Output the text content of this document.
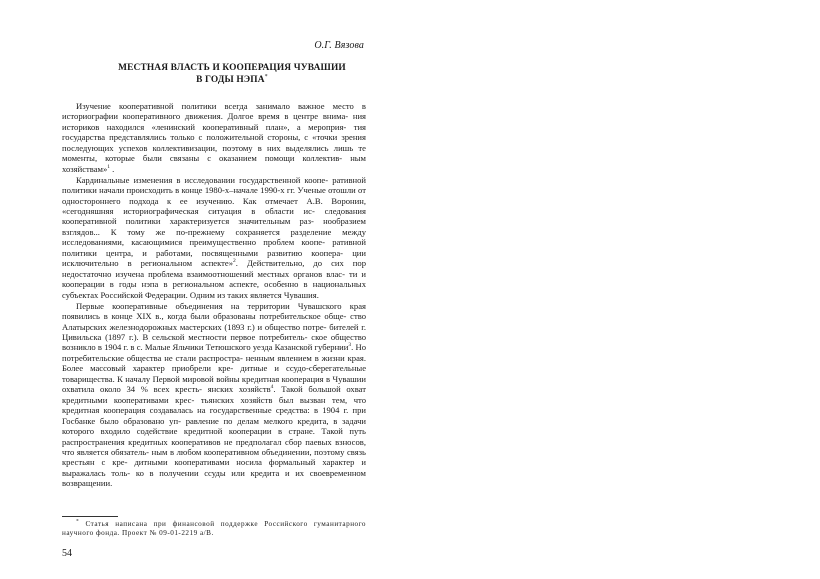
О.Г. Вязова
МЕСТНАЯ ВЛАСТЬ И КООПЕРАЦИЯ ЧУВАШИИ
В ГОДЫ НЭПА*

Изучение кооперативной политики всегда занимало важное место в историографии кооперативного движения. Долгое время в центре внима- ния историков находился «ленинский кооперативный план», а мероприя- тия государства представлялись только с положительной стороны, с «точки зрения последующих успехов коллективизации, поэтому в них выделялись лишь те моменты, которые были связаны с оказанием помощи коллектив- ным хозяйствам»$^1$ .

Кардинальные изменения в исследовании государственной коопе- ративной политики начали происходить в конце 1980-х–начале 1990-х гг. Ученые отошли от одностороннего подхода к ее изучению. Как отмечает А.В. Воронин, «сегодняшняя историографическая ситуация в области ис- следования кооперативной политики характеризуется значительным раз- нообразием взглядов... К тому же по-прежнему сохраняется разделение между исследованиями, касающимися преимущественно проблем коопе- ративной политики центра, и работами, посвященными развитию коопера- ции исключительно в региональном аспекте»$^2$. Действительно, до сих пор недостаточно изучена проблема взаимоотношений местных органов влас- ти и кооперации в годы нэпа в региональном аспекте, особенно в национальных субъектах Российской Федерации. Одним из таких является Чувашия.

Первые кооперативные объединения на территории Чувашского края появились в конце XIX в., когда были образованы потребительское обще- ство Алатырских железнодорожных мастерских (1893 г.) и общество потре- бителей г. Цивильска (1897 г.). В сельской местности первое потребитель- ское общество возникло в 1904 г. в с. Малые Яльчики Тетюшского уезда Казанской губернии$^3$. Но потребительские общества не стали распростра- ненным явлением в жизни края. Более массовый характер приобрели кре- дитные и ссудо-сберегательные товарищества. К началу Первой мировой войны кредитная кооперация в Чувашии охватила около 34 % всех кресть- янских хозяйств$^4$. Такой большой охват кредитными кооперативами крес- тьянских хозяйств был вызван тем, что кредитная кооперация создавалась на государственные средства: в 1904 г. при Госбанке было образовано уп- равление по делам мелкого кредита, в задачи которого входило содействие кредитной кооперации в стране. Такой путь распространения кредитных кооперативов не предполагал сбор паевых взносов, что является обязатель- ным в любом кооперативном объединении, поэтому связь крестьян с кре- дитными кооперативами носила формальный характер и выражалась толь- ко в получении ссуды или кредита и их своевременном возвращении.

* Статья написана при финансовой поддержке Российского гуманитарного научного фонда. Проект № 09-01-2219 а/В.

54
